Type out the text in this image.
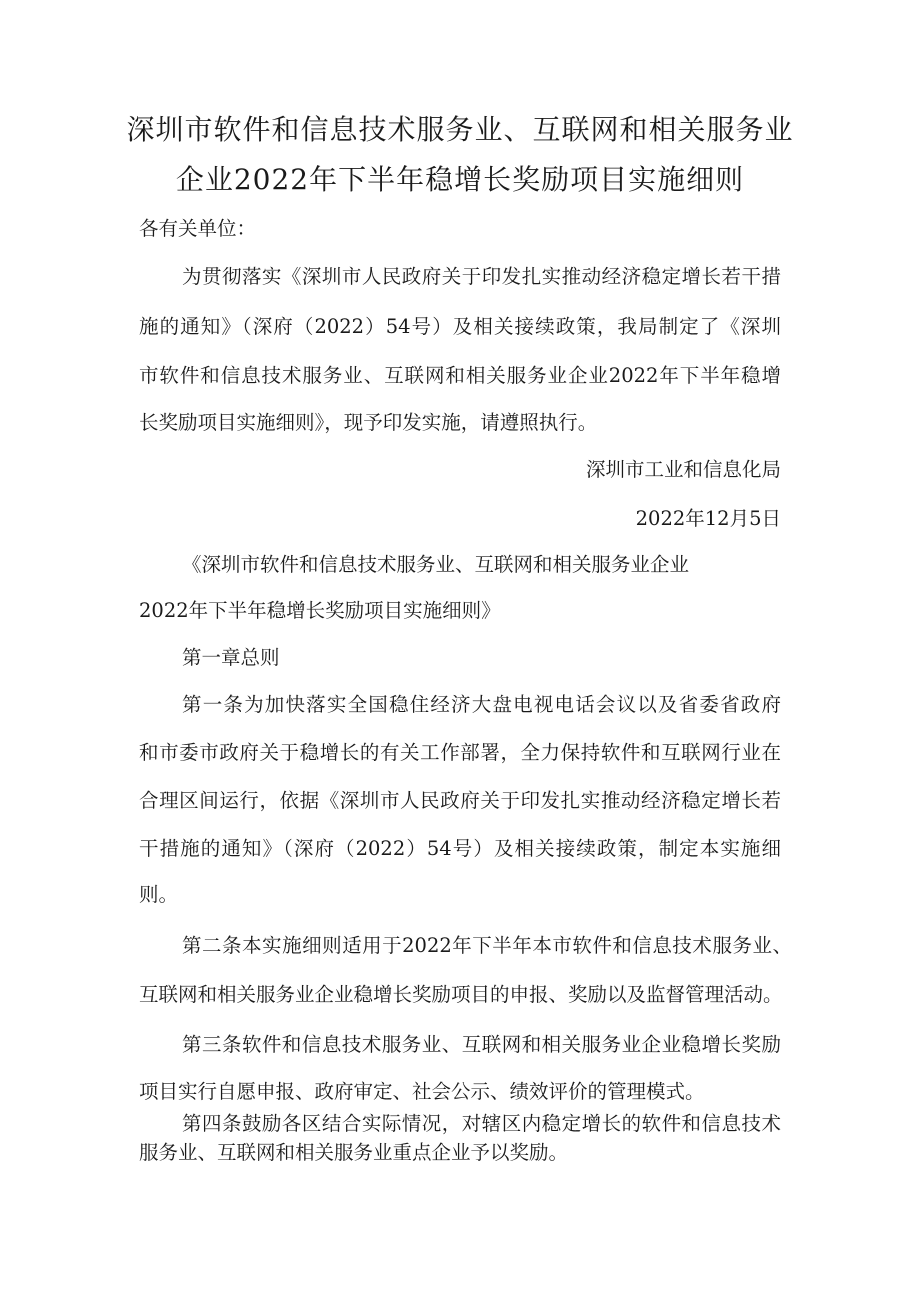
深圳市软件和信息技术服务业、互联网和相关服务业
企业2022年下半年稳增长奖励项目实施细则

各有关单位：

为贯彻落实《深圳市人民政府关于印发扎实推动经济稳定增长若干措

施的通知》（深府（2022）54号）及相关接续政策，我局制定了《深圳

市软件和信息技术服务业、互联网和相关服务业企业2022年下半年稳增

长奖励项目实施细则》，现予印发实施，请遵照执行。

深圳市工业和信息化局

2022年12月5日

《深圳市软件和信息技术服务业、互联网和相关服务业企业

2022年下半年稳增长奖励项目实施细则》

第一章总则

第一条为加快落实全国稳住经济大盘电视电话会议以及省委省政府

和市委市政府关于稳增长的有关工作部署，全力保持软件和互联网行业在

合理区间运行，依据《深圳市人民政府关于印发扎实推动经济稳定增长若

干措施的通知》（深府（2022）54号）及相关接续政策，制定本实施细

则。

第二条本实施细则适用于2022年下半年本市软件和信息技术服务业、

互联网和相关服务业企业稳增长奖励项目的申报、奖励以及监督管理活动。

第三条软件和信息技术服务业、互联网和相关服务业企业稳增长奖励

项目实行自愿申报、政府审定、社会公示、绩效评价的管理模式。

第四条鼓励各区结合实际情况，对辖区内稳定增长的软件和信息技术

服务业、互联网和相关服务业重点企业予以奖励。
